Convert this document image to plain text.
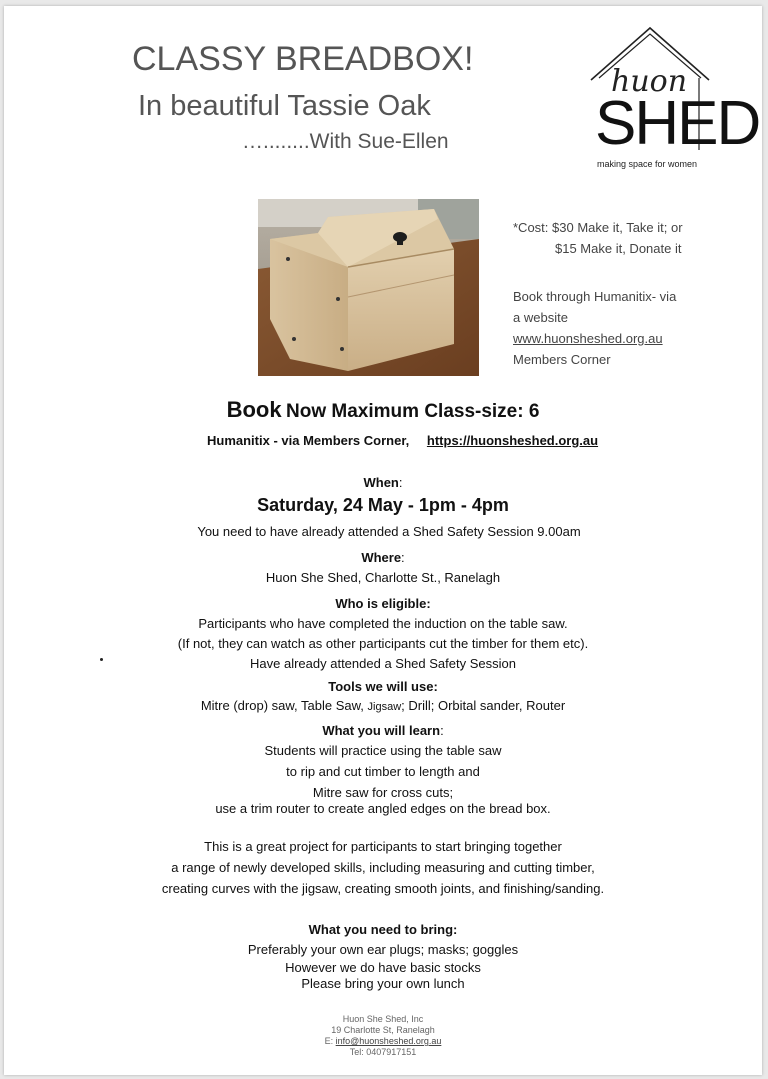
CLASSY BREADBOX!
In beautiful Tassie Oak
…........With Sue-Ellen
huon
SHED
making space for women
*Cost: $30 Make it, Take it; or
$15 Make it, Donate it
Book through Humanitix- via
a website
www.huonsheshed.org.au
Members Corner
Book Now Maximum Class-size: 6
Humanitix - via Members Corner, https://huonsheshed.org.au
When:
Saturday, 24 May - 1pm - 4pm
You need to have already attended a Shed Safety Session 9.00am
Where:
Huon She Shed, Charlotte St., Ranelagh
Who is eligible:
Participants who have completed the induction on the table saw.
(If not, they can watch as other participants cut the timber for them etc).
Have already attended a Shed Safety Session
Tools we will use:
Mitre (drop) saw, Table Saw, Jigsaw; Drill; Orbital sander, Router
What you will learn:
Students will practice using the table saw
to rip and cut timber to length and
Mitre saw for cross cuts;
use a trim router to create angled edges on the bread box.
This is a great project for participants to start bringing together
a range of newly developed skills, including measuring and cutting timber,
creating curves with the jigsaw, creating smooth joints, and finishing/sanding.
What you need to bring:
Preferably your own ear plugs; masks; goggles
However we do have basic stocks
Please bring your own lunch
Huon She Shed, Inc
19 Charlotte St, Ranelagh
E: info@huonsheshed.org.au
Tel: 0407917151
